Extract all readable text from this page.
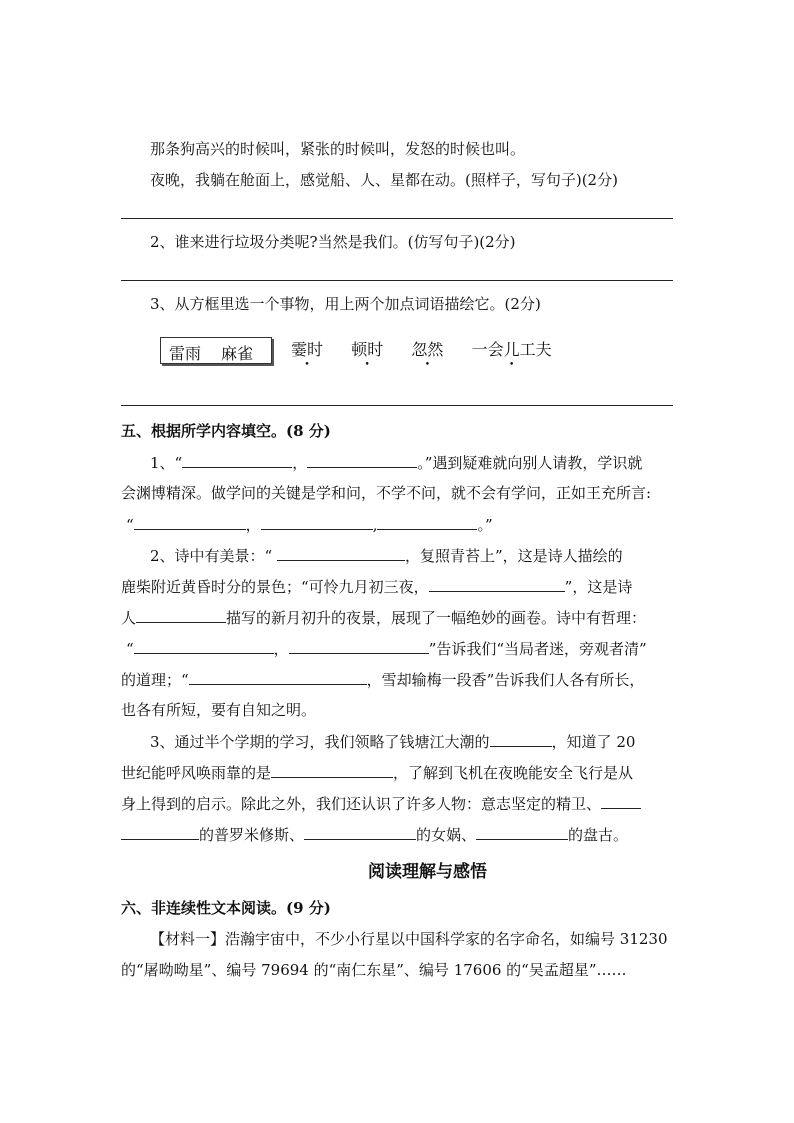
那条狗高兴的时候叫，紧张的时候叫，发怒的时候也叫。
夜晚，我躺在舱面上，感觉船、人、星都在动。(照样子，写句子)(2分)
2、谁来进行垃圾分类呢?当然是我们。(仿写句子)(2分)
3、从方框里选一个事物，用上两个加点词语描绘它。(2分)
雷雨 麻雀 霎时 顿时 忽然 一会儿工夫 •
五、根据所学内容填空。(8 分)
1、“	，	。”遇到疑难就向别人请教，学识就
会渊博精深。做学问的关键是学和问，不学不问，就不会有学问，正如王充所言:
“	，	,	。”
2、诗中有美景：“	，复照青苔上”，这是诗人描绘的
鹿柴附近黄昏时分的景色；“可怜九月初三夜，	”，这是诗
人	描写的新月初升的夜景，展现了一幅绝妙的画卷。诗中有哲理：
“	，	”告诉我们“当局者迷，旁观者清”
的道理；“	，雪却输梅一段香”告诉我们人各有所长，
也各有所短，要有自知之明。
3、通过半个学期的学习，我们领略了钱塘江大潮的	，知道了 20
世纪能呼风唤雨靠的是	，了解到飞机在夜晚能安全飞行是从
身上得到的启示。除此之外，我们还认识了许多人物：意志坚定的精卫、
的普罗米修斯、	的女娲、	的盘古。
阅读理解与感悟
六、非连续性文本阅读。(9 分)
【材料一】浩瀚宇宙中，不少小行星以中国科学家的名字命名，如编号 31230
的“屠呦呦星”、编号 79694 的“南仁东星”、编号 17606 的“吴孟超星”……
